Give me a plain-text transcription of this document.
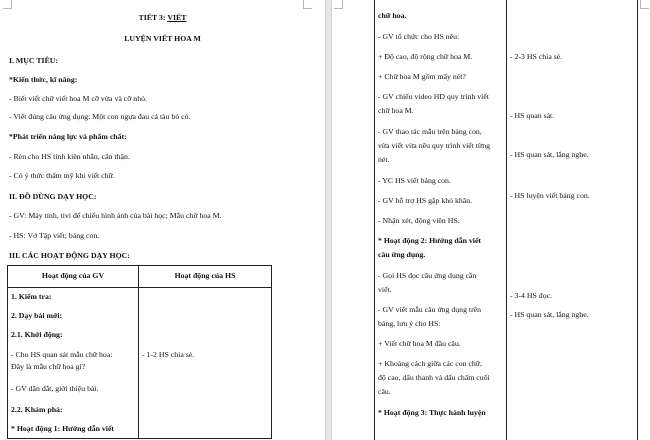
TIẾT 3: VIẾT
LUYỆN VIẾT HOA M
I. MỤC TIÊU:
*Kiến thức, kĩ năng:
- Biết viết chữ viết hoa M cỡ vừa và cỡ nhỏ.
- Viết đúng câu ứng dụng: Một con ngựa đau cả tàu bỏ cỏ.
*Phát triển năng lực và phẩm chất:
- Rèn cho HS tính kiên nhẫn, cẩn thận.
- Có ý thức thẩm mỹ khi viết chữ.
II. ĐỒ DÙNG DẠY HỌC:
- GV: Máy tính, tivi để chiếu hình ảnh của bài học; Mẫu chữ hoa M.
- HS: Vở Tập viết; bảng con.
III. CÁC HOẠT ĐỘNG DẠY HỌC:
Hoạt động của GV	Hoạt động của HS
1. Kiểm tra:
2. Dạy bài mới:
2.1. Khởi động:
- Cho HS quan sát mẫu chữ hoa:
Đây là mẫu chữ hoa gì?
- 1-2 HS chia sẻ.
- GV dẫn dắt, giới thiệu bài.
2.2. Khám phá:
* Hoạt động 1: Hướng dẫn viết
chữ hoa.
- GV tổ chức cho HS nêu:
+ Độ cao, độ rộng chữ hoa M.
+ Chữ hoa M gồm mấy nét?
- GV chiếu video HD quy trình viết
chữ hoa M.
- GV thao tác mẫu trên bảng con,
vừa viết vừa nêu quy trình viết từng
nét.
- YC HS viết bảng con.
- GV hỗ trợ HS gặp khó khăn.
- Nhận xét, động viên HS.
* Hoạt động 2: Hướng dẫn viết
câu ứng dụng.
- Gọi HS đọc câu ứng dụng cần
viết.
- GV viết mẫu câu ứng dụng trên
bảng, lưu ý cho HS:
+ Viết chữ hoa M đầu câu.
+ Khoảng cách giữa các con chữ,
độ cao, dấu thanh và dấu chấm cuối
câu.
* Hoạt động 3: Thực hành luyện
- 2-3 HS chia sẻ.
- HS quan sát.
- HS quan sát, lắng nghe.
- HS luyện viết bảng con.
- 3-4 HS đọc.
- HS quan sát, lắng nghe.
